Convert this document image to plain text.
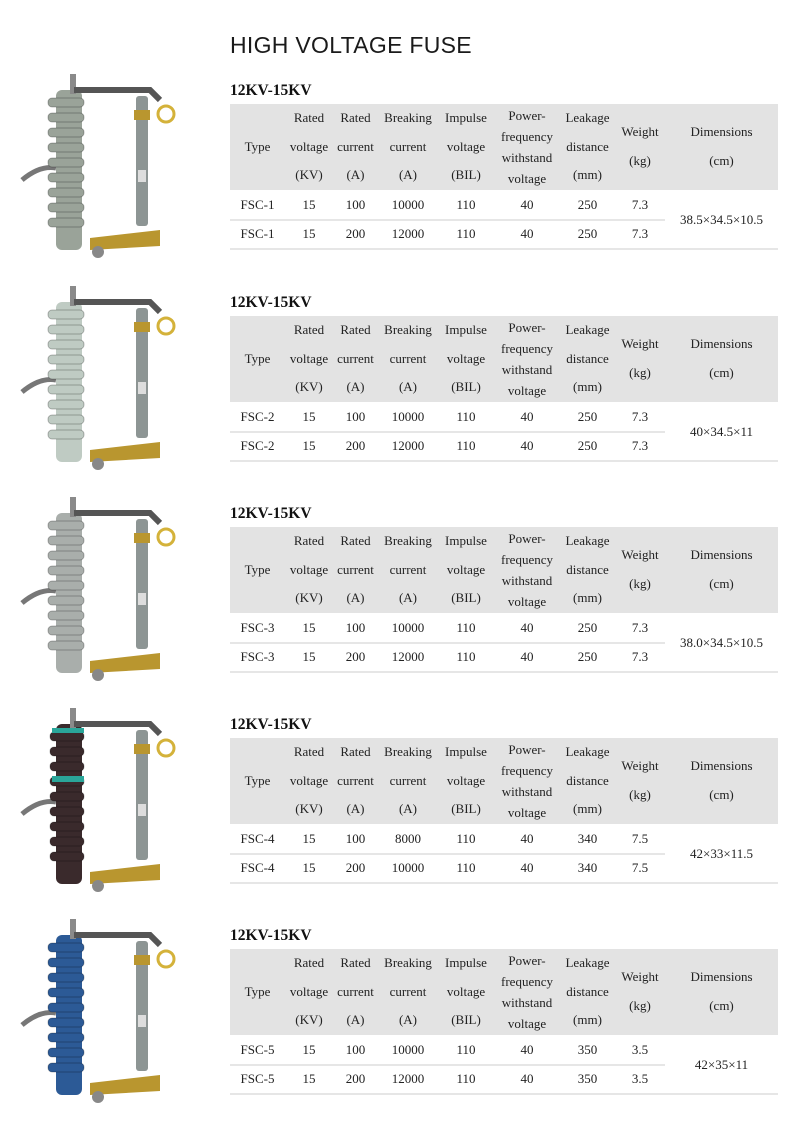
HIGH VOLTAGE FUSE
12KV-15KV
Type	Rated
voltage
(KV)	Rated
current
(A)	Breaking
current
(A)	Impulse
voltage
(BIL)	Power-
frequency
withstand
voltage	Leakage
distance
(mm)	Weight
(kg)	Dimensions
(cm)

FSC-1	15	100	10000	110	40	250	7.3	38.5×34.5×10.5
FSC-1	15	200	12000	110	40	250	7.3	
12KV-15KV
Type	Rated
voltage
(KV)	Rated
current
(A)	Breaking
current
(A)	Impulse
voltage
(BIL)	Power-
frequency
withstand
voltage	Leakage
distance
(mm)	Weight
(kg)	Dimensions
(cm)

FSC-2	15	100	10000	110	40	250	7.3	40×34.5×11
FSC-2	15	200	12000	110	40	250	7.3	
12KV-15KV
Type	Rated
voltage
(KV)	Rated
current
(A)	Breaking
current
(A)	Impulse
voltage
(BIL)	Power-
frequency
withstand
voltage	Leakage
distance
(mm)	Weight
(kg)	Dimensions
(cm)

FSC-3	15	100	10000	110	40	250	7.3	38.0×34.5×10.5
FSC-3	15	200	12000	110	40	250	7.3	
12KV-15KV
Type	Rated
voltage
(KV)	Rated
current
(A)	Breaking
current
(A)	Impulse
voltage
(BIL)	Power-
frequency
withstand
voltage	Leakage
distance
(mm)	Weight
(kg)	Dimensions
(cm)

FSC-4	15	100	8000	110	40	340	7.5	42×33×11.5
FSC-4	15	200	10000	110	40	340	7.5	
12KV-15KV
Type	Rated
voltage
(KV)	Rated
current
(A)	Breaking
current
(A)	Impulse
voltage
(BIL)	Power-
frequency
withstand
voltage	Leakage
distance
(mm)	Weight
(kg)	Dimensions
(cm)

FSC-5	15	100	10000	110	40	350	3.5	42×35×11
FSC-5	15	200	12000	110	40	350	3.5	
